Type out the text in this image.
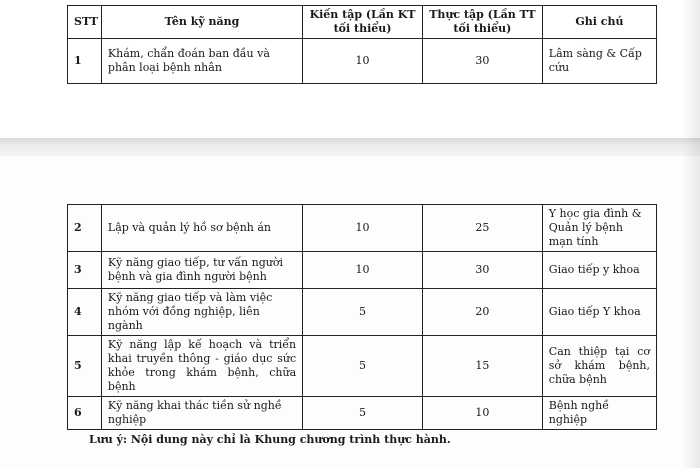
STT	Tên kỹ năng	Kiến tập (Lần KT tối thiểu)	Thực tập (Lần TT tối thiểu)	Ghi chú
1	Khám, chẩn đoán ban đầu và phân loại bệnh nhân	10	30	Lâm sàng & Cấp cứu
2	Lập và quản lý hồ sơ bệnh án	10	25	Y học gia đình & Quản lý bệnh mạn tính
3	Kỹ năng giao tiếp, tư vấn người bệnh và gia đình người bệnh	10	30	Giao tiếp y khoa
4	Kỹ năng giao tiếp và làm việc nhóm với đồng nghiệp, liên ngành	5	20	Giao tiếp Y khoa
5	Kỹ năng lập kế hoạch và triển khai truyền thông - giáo dục sức khỏe trong khám bệnh, chữa bệnh	5	15	Can thiệp tại cơ sở khám bệnh, chữa bệnh
6	Kỹ năng khai thác tiền sử nghề nghiệp	5	10	Bệnh nghề nghiệp
Lưu ý: Nội dung này chỉ là Khung chương trình thực hành.
